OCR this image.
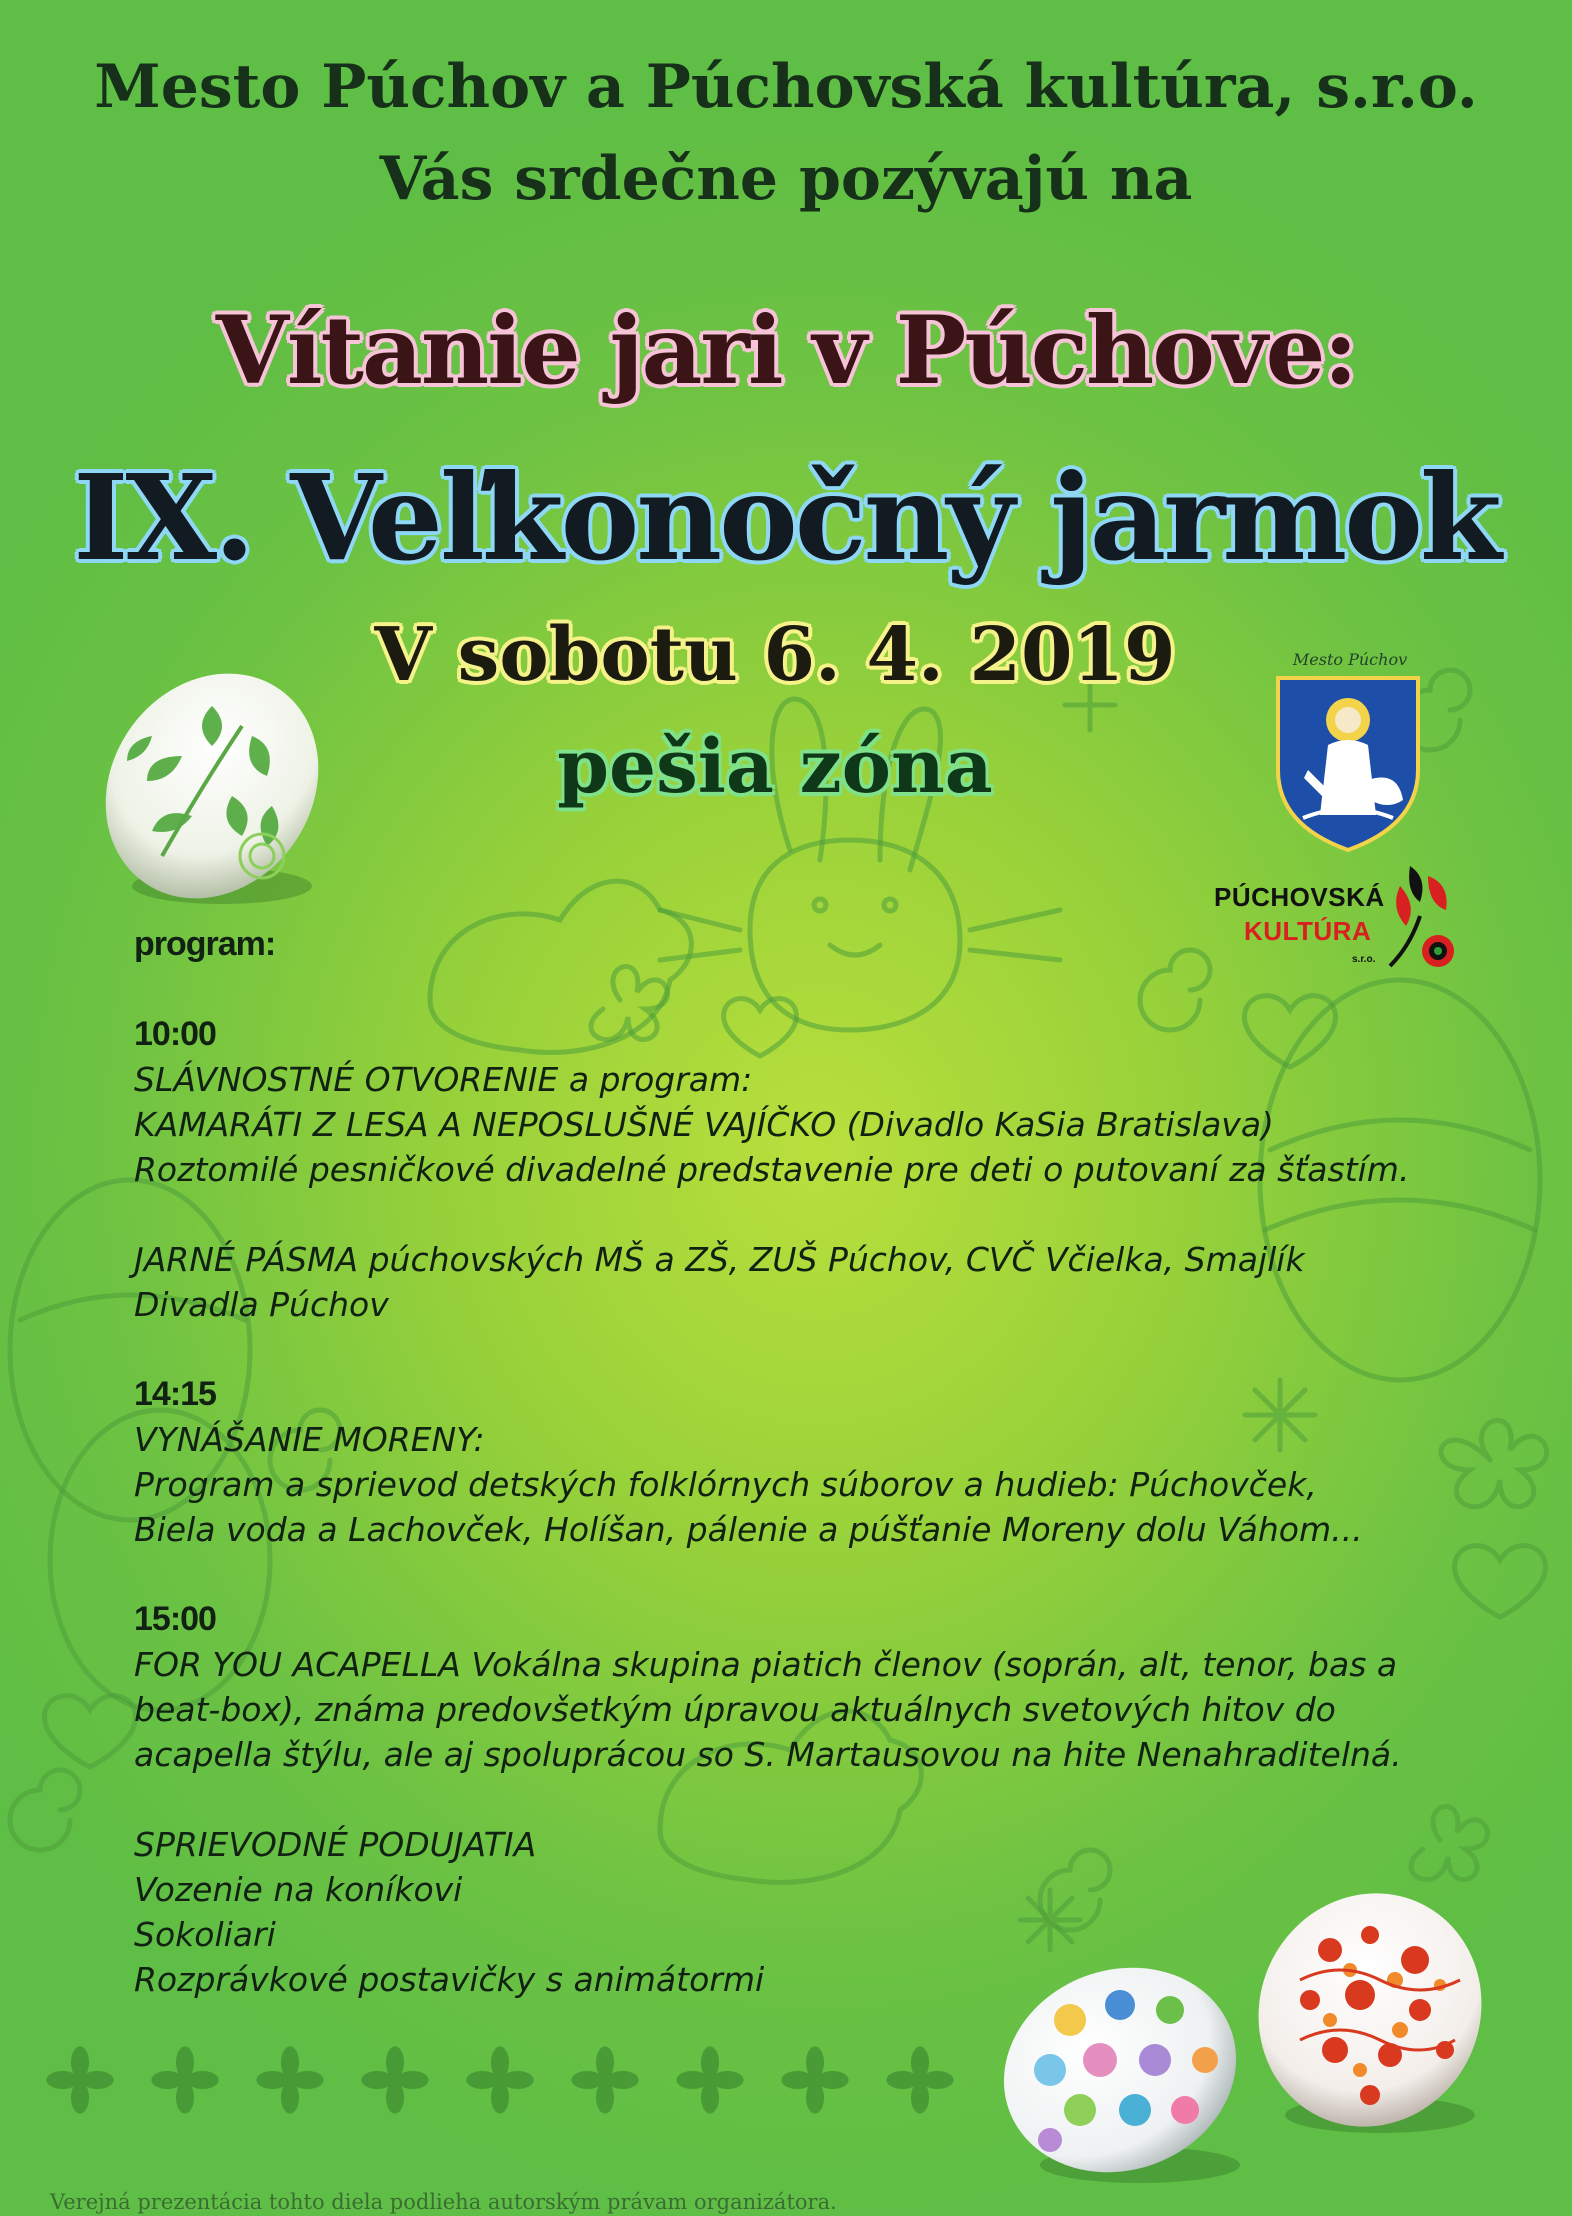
Mesto Púchov a Púchovská kultúra, s.r.o.
Vás srdečne pozývajú na
Vítanie jari v Púchove:
IX. Veľkonočný jarmok

V sobotu 6. 4. 2019

pešia zóna

Mesto Púchov

PÚCHOVSKÁ

KULTÚRA

s.r.o.

program:
10:00
SLÁVNOSTNÉ OTVORENIE a program:
KAMARÁTI Z LESA A NEPOSLUŠNÉ VAJÍČKO (Divadlo KaSia Bratislava)
Roztomilé pesničkové divadelné predstavenie pre deti o putovaní za šťastím.
JARNÉ PÁSMA púchovských MŠ a ZŠ, ZUŠ Púchov, CVČ Včielka, Smajlík
Divadla Púchov
14:15
VYNÁŠANIE MORENY:
Program a sprievod detských folklórnych súborov a hudieb: Púchovček,
Biela voda a Lachovček, Holíšan, pálenie a púšťanie Moreny dolu Váhom...
15:00
FOR YOU ACAPELLA Vokálna skupina piatich členov (soprán, alt, tenor, bas a
beat-box), známa predovšetkým úpravou aktuálnych svetových hitov do
acapella štýlu, ale aj spoluprácou so S. Martausovou na hite Nenahraditelná.
SPRIEVODNÉ PODUJATIA
Vozenie na koníkovi
Sokoliari
Rozprávkové postavičky s animátormi

Verejná prezentácia tohto diela podlieha autorským právam organizátora.
